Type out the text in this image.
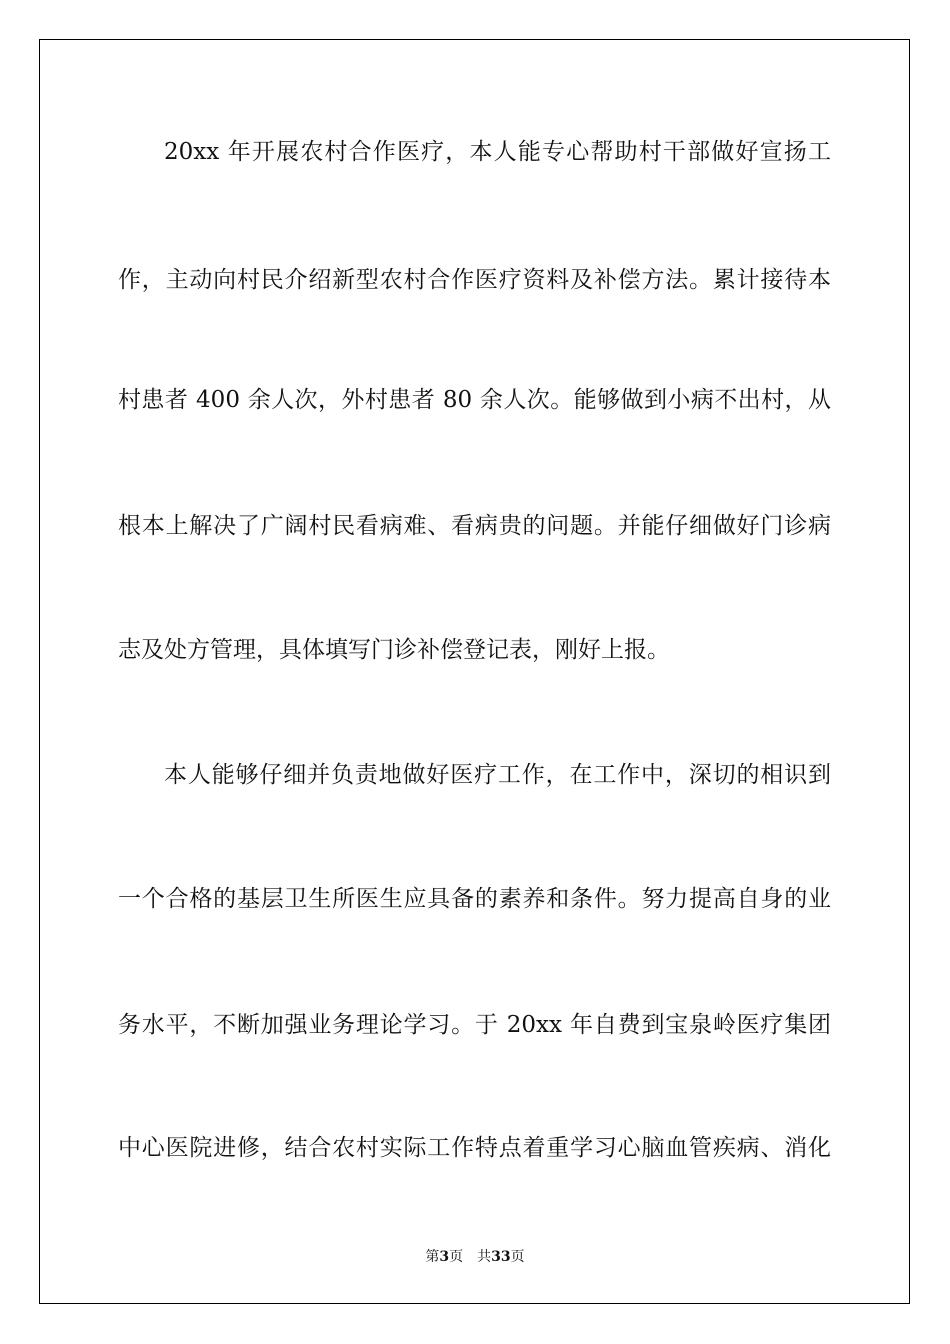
20xx 年开展农村合作医疗，本人能专心帮助村干部做好宣扬工

作，主动向村民介绍新型农村合作医疗资料及补偿方法。累计接待本

村患者 400 余人次，外村患者 80 余人次。能够做到小病不出村，从

根本上解决了广阔村民看病难、看病贵的问题。并能仔细做好门诊病

志及处方管理，具体填写门诊补偿登记表，刚好上报。

本人能够仔细并负责地做好医疗工作，在工作中，深切的相识到

一个合格的基层卫生所医生应具备的素养和条件。努力提高自身的业

务水平，不断加强业务理论学习。于 20xx 年自费到宝泉岭医疗集团

中心医院进修，结合农村实际工作特点着重学习心脑血管疾病、消化

第3页 共33页
